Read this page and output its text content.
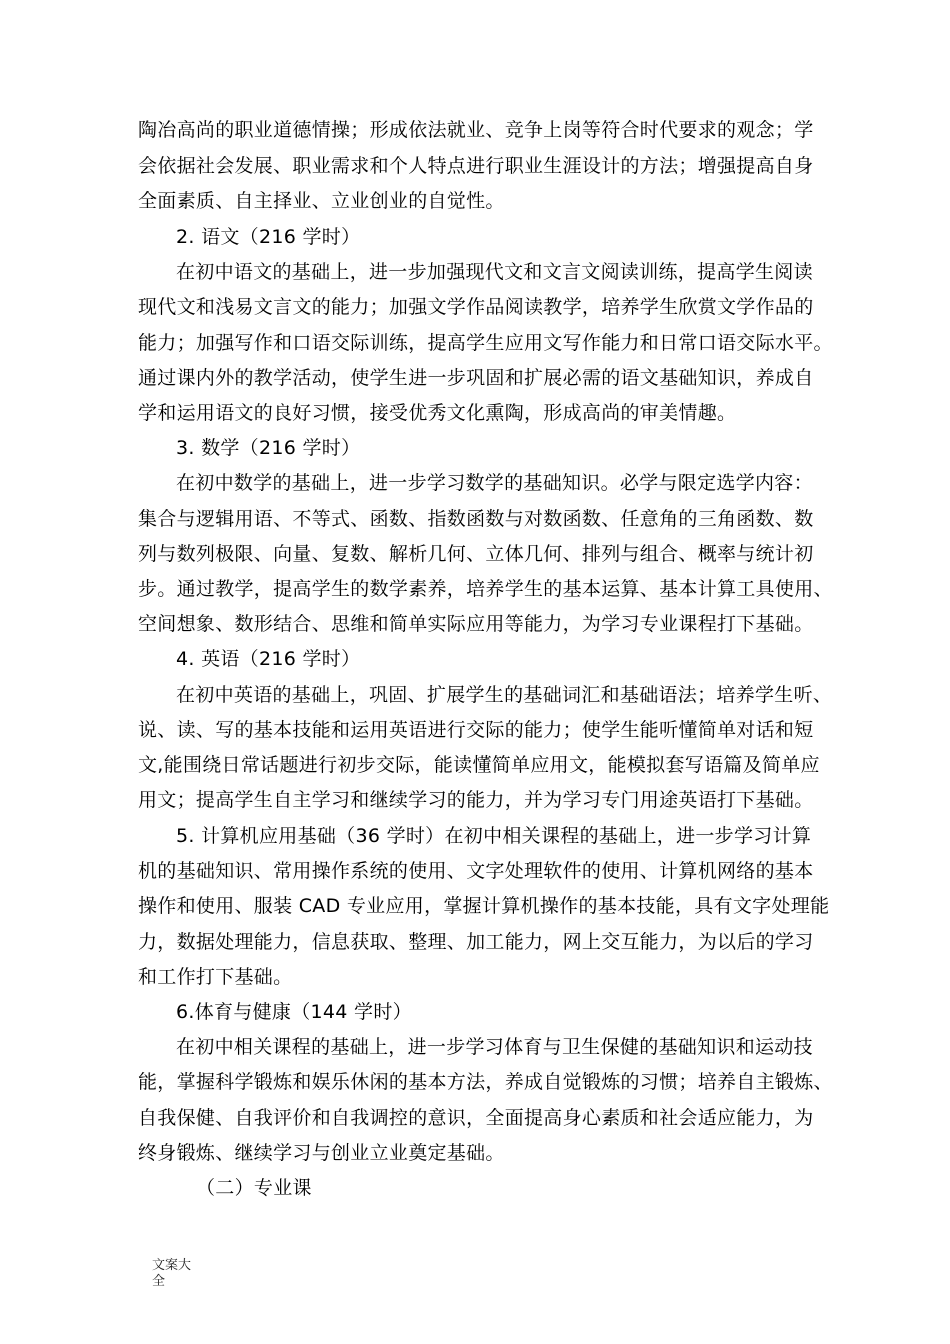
陶冶高尚的职业道德情操；形成依法就业、竞争上岗等符合时代要求的观念；学
会依据社会发展、职业需求和个人特点进行职业生涯设计的方法；增强提高自身
全面素质、自主择业、立业创业的自觉性。
2. 语文（216 学时）
在初中语文的基础上，进一步加强现代文和文言文阅读训练，提高学生阅读
现代文和浅易文言文的能力；加强文学作品阅读教学，培养学生欣赏文学作品的
能力；加强写作和口语交际训练，提高学生应用文写作能力和日常口语交际水平。
通过课内外的教学活动，使学生进一步巩固和扩展必需的语文基础知识，养成自
学和运用语文的良好习惯，接受优秀文化熏陶，形成高尚的审美情趣。
3. 数学（216 学时）
在初中数学的基础上，进一步学习数学的基础知识。必学与限定选学内容：
集合与逻辑用语、不等式、函数、指数函数与对数函数、任意角的三角函数、数
列与数列极限、向量、复数、解析几何、立体几何、排列与组合、概率与统计初
步。通过教学，提高学生的数学素养，培养学生的基本运算、基本计算工具使用、
空间想象、数形结合、思维和简单实际应用等能力，为学习专业课程打下基础。
4. 英语（216 学时）
在初中英语的基础上，巩固、扩展学生的基础词汇和基础语法；培养学生听、
说、读、写的基本技能和运用英语进行交际的能力；使学生能听懂简单对话和短
文,能围绕日常话题进行初步交际，能读懂简单应用文，能模拟套写语篇及简单应
用文；提高学生自主学习和继续学习的能力，并为学习专门用途英语打下基础。
5. 计算机应用基础（36 学时）在初中相关课程的基础上，进一步学习计算
机的基础知识、常用操作系统的使用、文字处理软件的使用、计算机网络的基本
操作和使用、服装 CAD 专业应用，掌握计算机操作的基本技能，具有文字处理能
力，数据处理能力，信息获取、整理、加工能力，网上交互能力，为以后的学习
和工作打下基础。
6.体育与健康（144 学时）
在初中相关课程的基础上，进一步学习体育与卫生保健的基础知识和运动技
能，掌握科学锻炼和娱乐休闲的基本方法，养成自觉锻炼的习惯；培养自主锻炼、
自我保健、自我评价和自我调控的意识，全面提高身心素质和社会适应能力，为
终身锻炼、继续学习与创业立业奠定基础。
（二）专业课
文案大全
